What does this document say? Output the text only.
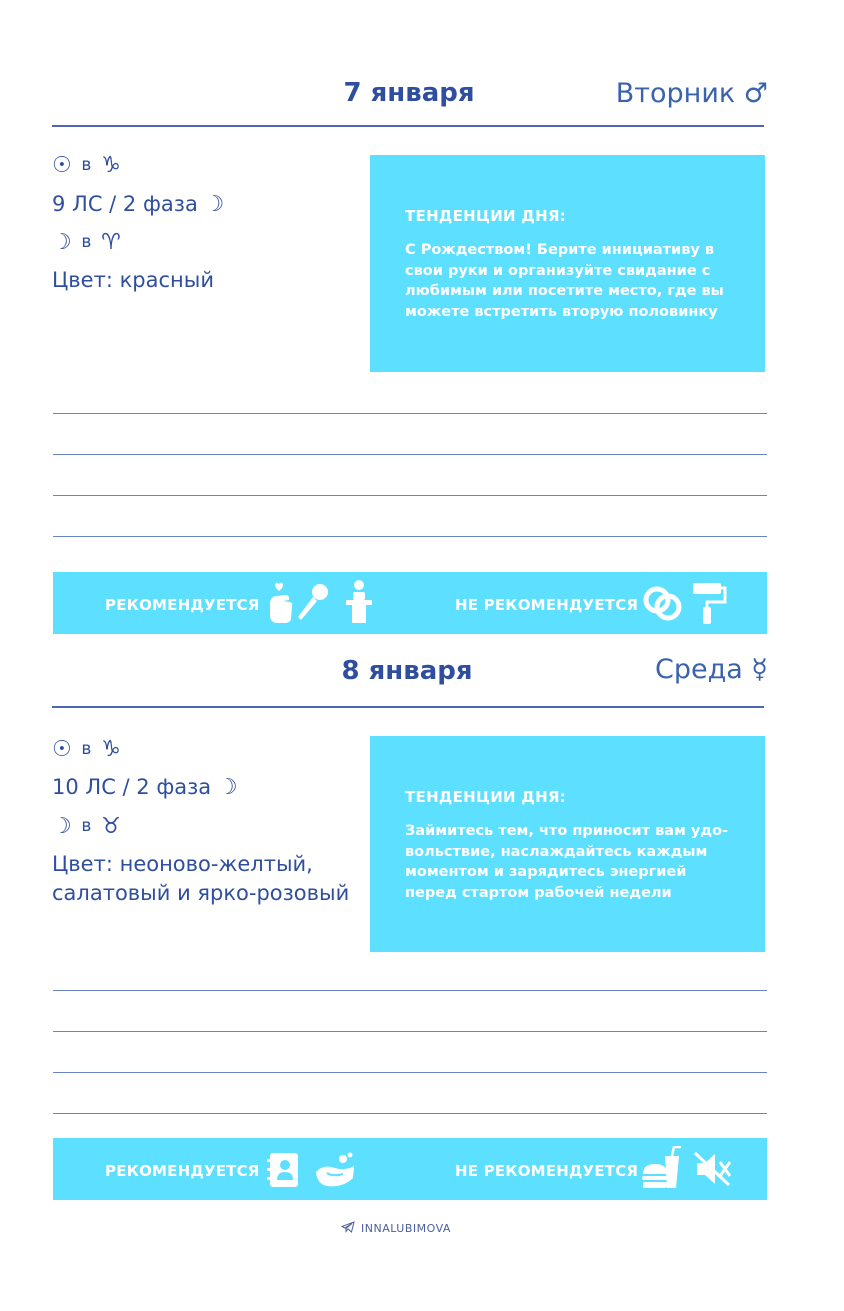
7 января	Вторник ♂
☉ в ♑
9 ЛС / 2 фаза ☽
☽ в ♈
Цвет: красный
ТЕНДЕНЦИИ ДНЯ:
С Рождеством! Берите инициативу в
свои руки и организуйте свидание с
любимым или посетите место, где вы
можете встретить вторую половинку
РЕКОМЕНДУЕТСЯ	НЕ РЕКОМЕНДУЕТСЯ
8 января	Среда ☿
☉ в ♑
10 ЛС / 2 фаза ☽
☽ в ♉
Цвет: неоново-желтый,
салатовый и ярко-розовый
ТЕНДЕНЦИИ ДНЯ:
Займитесь тем, что приносит вам удо-
вольствие, наслаждайтесь каждым
моментом и зарядитесь энергией
перед стартом рабочей недели
РЕКОМЕНДУЕТСЯ	НЕ РЕКОМЕНДУЕТСЯ
INNALUBIMOVA
